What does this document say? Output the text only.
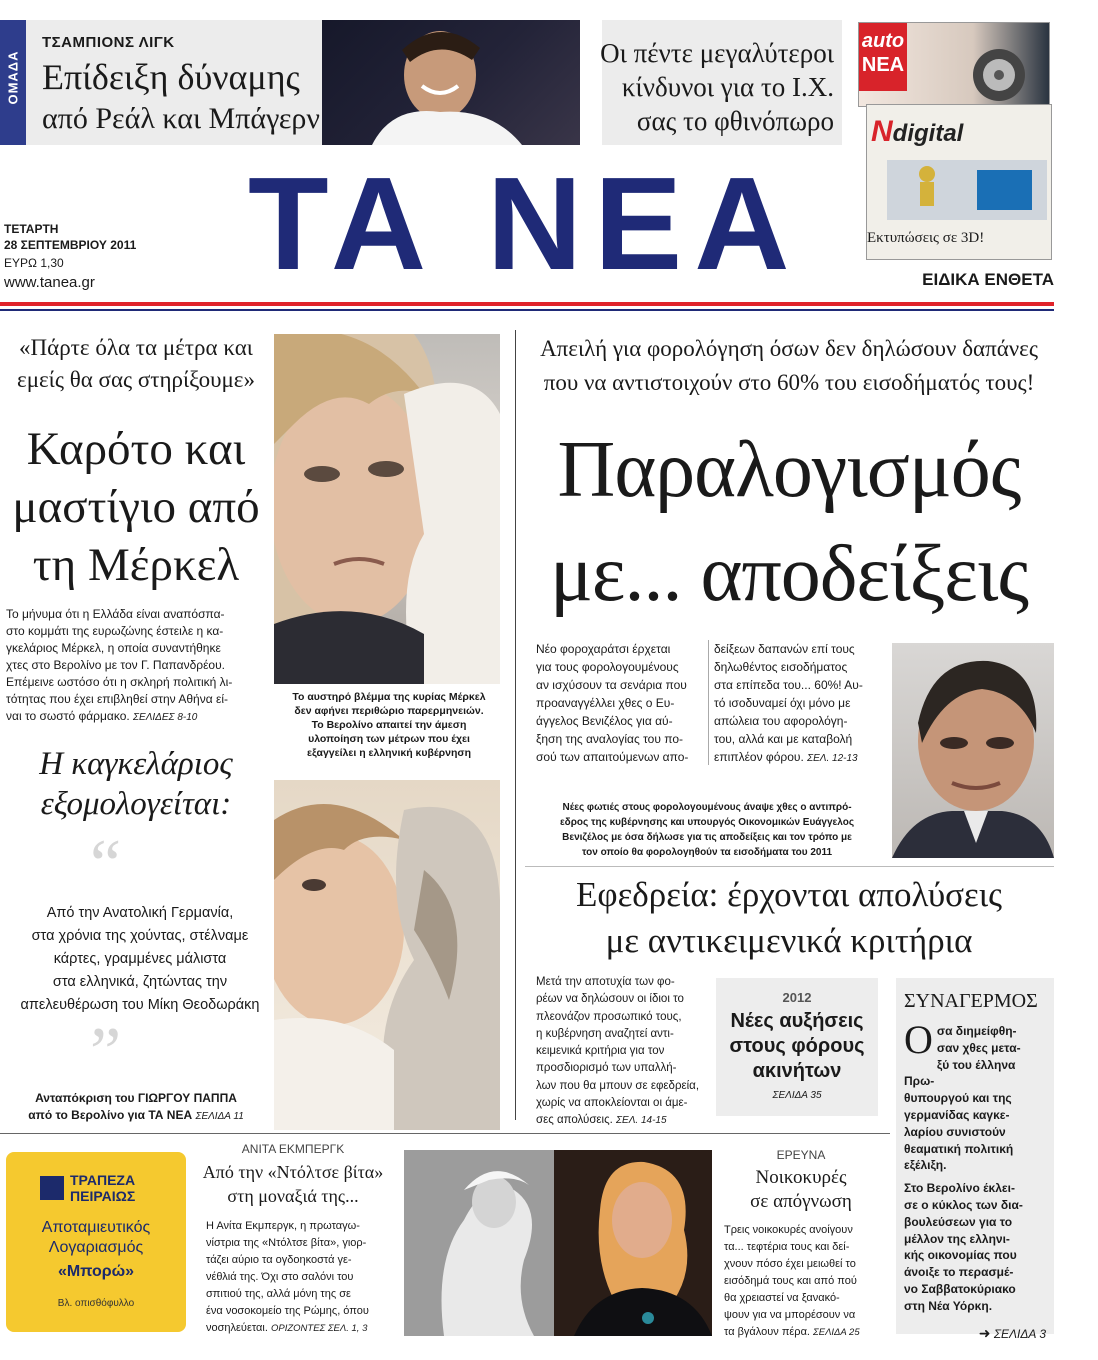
ΟΜΑΔΑ
ΤΣΑΜΠΙΟΝΣ ΛΙΓΚ
Επίδειξη δύναμης
από Ρεάλ και Μπάγερν
Οι πέντε μεγαλύτεροι
κίνδυνοι για το Ι.Χ.
σας το φθινόπωρο
auto
ΝΕΑ
Ndigital
Εκτυπώσεις σε 3D!
ΤΕΤΑΡΤΗ
28 ΣΕΠΤΕΜΒΡΙΟΥ 2011
ΕΥΡΩ 1,30
www.tanea.gr ΤΑ ΝΕΑ	ΕΙΔΙΚΑ ΕΝΘΕΤΑ
«Πάρτε όλα τα μέτρα και
εμείς θα σας στηρίξουμε»
Καρότο και
μαστίγιο από
τη Μέρκελ
Το μήνυμα ότι η Ελλάδα είναι αναπόσπα-
στο κομμάτι της ευρωζώνης έστειλε η κα-
γκελάριος Μέρκελ, η οποία συναντήθηκε
χτες στο Βερολίνο με τον Γ. Παπανδρέου.
Επέμεινε ωστόσο ότι η σκληρή πολιτική λι-
τότητας που έχει επιβληθεί στην Αθήνα εί-
ναι το σωστό φάρμακο. ΣΕΛΙΔΕΣ 8-10
Το αυστηρό βλέμμα της κυρίας Μέρκελ
δεν αφήνει περιθώριο παρερμηνειών.
Το Βερολίνο απαιτεί την άμεση
υλοποίηση των μέτρων που έχει
εξαγγείλει η ελληνική κυβέρνηση
Η καγκελάριος
εξομολογείται:
“
Από την Ανατολική Γερμανία,
στα χρόνια της χούντας, στέλναμε
κάρτες, γραμμένες μάλιστα
στα ελληνικά, ζητώντας την
απελευθέρωση του Μίκη Θεοδωράκη
”
Ανταπόκριση του ΓΙΩΡΓΟΥ ΠΑΠΠΑ
από το Βερολίνο για ΤΑ ΝΕΑ ΣΕΛΙΔΑ 11
Απειλή για φορολόγηση όσων δεν δηλώσουν δαπάνες
που να αντιστοιχούν στο 60% του εισοδήματός τους!
Παραλογισμός
με... αποδείξεις
Νέο φοροχαράτσι έρχεται
για τους φορολογουμένους
αν ισχύσουν τα σενάρια που
προαναγγέλλει χθες ο Ευ-
άγγελος Βενιζέλος για αύ-
ξηση της αναλογίας του πο-
σού των απαιτούμενων απο-
δείξεων δαπανών επί τους
δηλωθέντος εισοδήματος
στα επίπεδα του... 60%! Αυ-
τό ισοδυναμεί όχι μόνο με
απώλεια του αφορολόγη-
του, αλλά και με καταβολή
επιπλέον φόρου. ΣΕΛ. 12-13
Νέες φωτιές στους φορολογουμένους άναψε χθες ο αντιπρό-
εδρος της κυβέρνησης και υπουργός Οικονομικών Ευάγγελος
Βενιζέλος με όσα δήλωσε για τις αποδείξεις και τον τρόπο με
τον οποίο θα φορολογηθούν τα εισοδήματα του 2011
Εφεδρεία: έρχονται απολύσεις
με αντικειμενικά κριτήρια
Μετά την αποτυχία των φο-
ρέων να δηλώσουν οι ίδιοι το
πλεονάζον προσωπικό τους,
η κυβέρνηση αναζητεί αντι-
κειμενικά κριτήρια για τον
προσδιορισμό των υπαλλή-
λων που θα μπουν σε εφεδρεία,
χωρίς να αποκλείονται οι άμε-
σες απολύσεις. ΣΕΛ. 14-15
2012
Νέες αυξήσεις
στους φόρους
ακινήτων
ΣΕΛΙΔΑ 35
ΣΥΝΑΓΕΡΜΟΣ
Ο σα διημείφθη-
σαν χθες μετα-
ξύ του έλληνα Πρω-
θυπουργού και της
γερμανίδας καγκε-
λαρίου συνιστούν
θεαματική πολιτική
εξέλιξη.
Στο Βερολίνο έκλει-
σε ο κύκλος των δια-
βουλεύσεων για το
μέλλον της ελληνι-
κής οικονομίας που
άνοιξε το περασμέ-
νο Σαββατοκύριακο
στη Νέα Υόρκη.
➜ ΣΕΛΙΔΑ 3
ΤΡΑΠΕΖΑ
ΠΕΙΡΑΙΩΣ
Αποταμιευτικός
Λογαριασμός
«Μπορώ»
Βλ. οπισθόφυλλο
ΑΝΙΤΑ ΕΚΜΠΕΡΓΚ
Από την «Ντόλτσε βίτα»
στη μοναξιά της...
Η Ανίτα Εκμπεργκ, η πρωταγω-
νίστρια της «Ντόλτσε βίτα», γιορ-
τάζει αύριο τα ογδοηκοστά γε-
νέθλιά της. Όχι στο σαλόνι του
σπιτιού της, αλλά μόνη της σε
ένα νοσοκομείο της Ρώμης, όπου
νοσηλεύεται. ΟΡΙΖΟΝΤΕΣ ΣΕΛ. 1, 3
ΕΡΕΥΝΑ
Νοικοκυρές
σε απόγνωση
Τρεις νοικοκυρές ανοίγουν
τα... τεφτέρια τους και δεί-
χνουν πόσο έχει μειωθεί το
εισόδημά τους και από πού
θα χρειαστεί να ξανακό-
ψουν για να μπορέσουν να
τα βγάλουν πέρα. ΣΕΛΙΔΑ 25
